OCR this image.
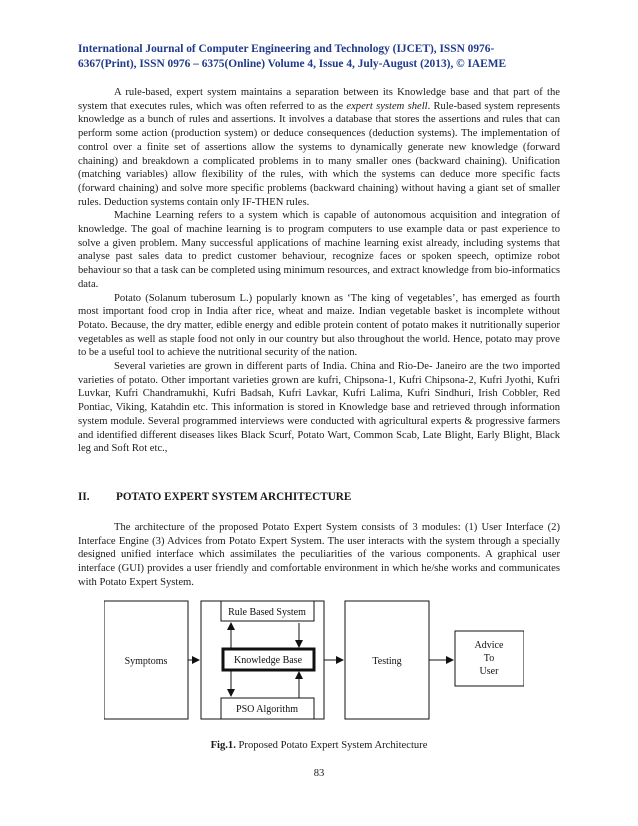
International Journal of Computer Engineering and Technology (IJCET), ISSN 0976-
6367(Print), ISSN 0976 – 6375(Online) Volume 4, Issue 4, July-August (2013), © IAEME

A rule-based, expert system maintains a separation between its Knowledge base and that part of the system that executes rules, which was often referred to as the expert system shell. Rule-based system represents knowledge as a bunch of rules and assertions. It involves a database that stores the assertions and rules that can perform some action (production system) or deduce consequences (deduction systems). The implementation of control over a finite set of assertions allow the systems to dynamically generate new knowledge (forward chaining) and breakdown a complicated problems in to many smaller ones (backward chaining). Unification (matching variables) allow flexibility of the rules, with which the systems can deduce more specific facts (forward chaining) and solve more specific problems (backward chaining) without having a giant set of smaller rules. Deduction systems contain only IF-THEN rules.

Machine Learning refers to a system which is capable of autonomous acquisition and integration of knowledge. The goal of machine learning is to program computers to use example data or past experience to solve a given problem. Many successful applications of machine learning exist already, including systems that analyse past sales data to predict customer behaviour, recognize faces or spoken speech, optimize robot behaviour so that a task can be completed using minimum resources, and extract knowledge from bio-informatics data.

Potato (Solanum tuberosum L.) popularly known as ‘The king of vegetables’, has emerged as fourth most important food crop in India after rice, wheat and maize. Indian vegetable basket is incomplete without Potato. Because, the dry matter, edible energy and edible protein content of potato makes it nutritionally superior vegetables as well as staple food not only in our country but also throughout the world. Hence, potato may prove to be a useful tool to achieve the nutritional security of the nation.

Several varieties are grown in different parts of India. China and Rio-De- Janeiro are the two imported varieties of potato. Other important varieties grown are kufri, Chipsona-1, Kufri Chipsona-2, Kufri Jyothi, Kufri Luvkar, Kufri Chandramukhi, Kufri Badsah, Kufri Lavkar, Kufri Lalima, Kufri Sindhuri, Irish Cobbler, Red Pontiac, Viking, Katahdin etc. This information is stored in Knowledge base and retrieved through information system module. Several programmed interviews were conducted with agricultural experts & progressive farmers and identified different diseases likes Black Scurf, Potato Wart, Common Scab, Late Blight, Early Blight, Black leg and Soft Rot etc.,

II. POTATO EXPERT SYSTEM ARCHITECTURE

The architecture of the proposed Potato Expert System consists of 3 modules: (1) User Interface (2) Interface Engine (3) Advices from Potato Expert System. The user interacts with the system through a specially designed unified interface which assimilates the peculiarities of the various components. A graphical user interface (GUI) provides a user friendly and comfortable environment in which he/she works and communicates with Potato Expert System.

Symptoms
Rule Based System
Knowledge Base
PSO Algorithm
Testing
Advice
To
User
Fig.1. Proposed Potato Expert System Architecture
83
